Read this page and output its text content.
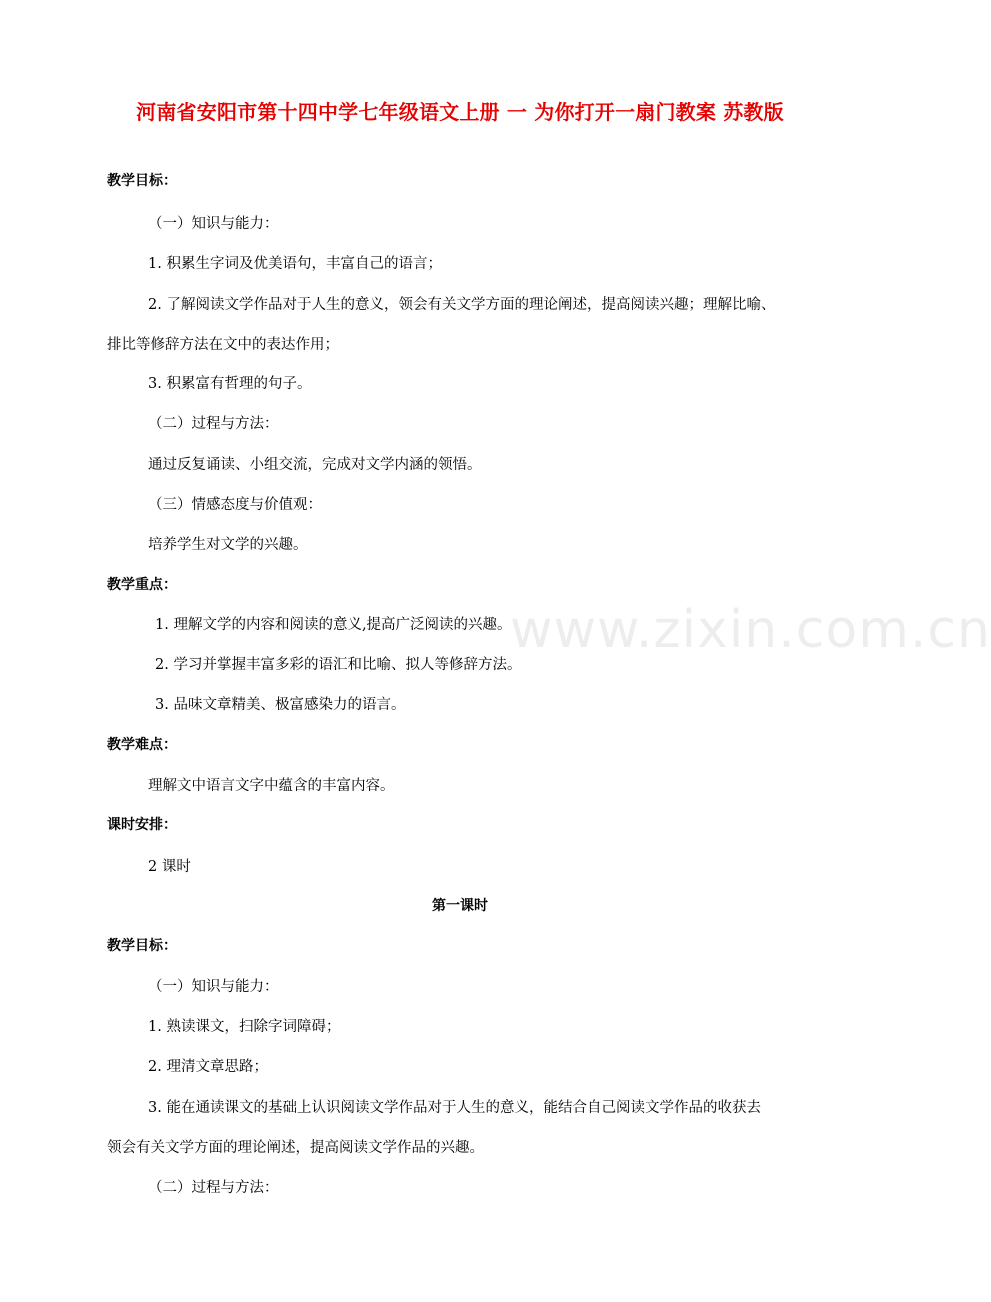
河南省安阳市第十四中学七年级语文上册 一 为你打开一扇门教案 苏教版
教学目标：
（一）知识与能力：
1. 积累生字词及优美语句，丰富自己的语言；
2. 了解阅读文学作品对于人生的意义，领会有关文学方面的理论阐述，提高阅读兴趣；理解比喻、
排比等修辞方法在文中的表达作用；
3. 积累富有哲理的句子。
（二）过程与方法：
通过反复诵读、小组交流，完成对文学内涵的领悟。
（三）情感态度与价值观：
培养学生对文学的兴趣。
教学重点：
1. 理解文学的内容和阅读的意义,提高广泛阅读的兴趣。
2. 学习并掌握丰富多彩的语汇和比喻、拟人等修辞方法。
3. 品味文章精美、极富感染力的语言。
教学难点：
理解文中语言文字中蕴含的丰富内容。
课时安排：
2 课时
第一课时
教学目标：
（一）知识与能力：
1. 熟读课文，扫除字词障碍；
2. 理清文章思路；
3. 能在通读课文的基础上认识阅读文学作品对于人生的意义，能结合自己阅读文学作品的收获去
领会有关文学方面的理论阐述，提高阅读文学作品的兴趣。
（二）过程与方法：
www.zixin.com.cn
